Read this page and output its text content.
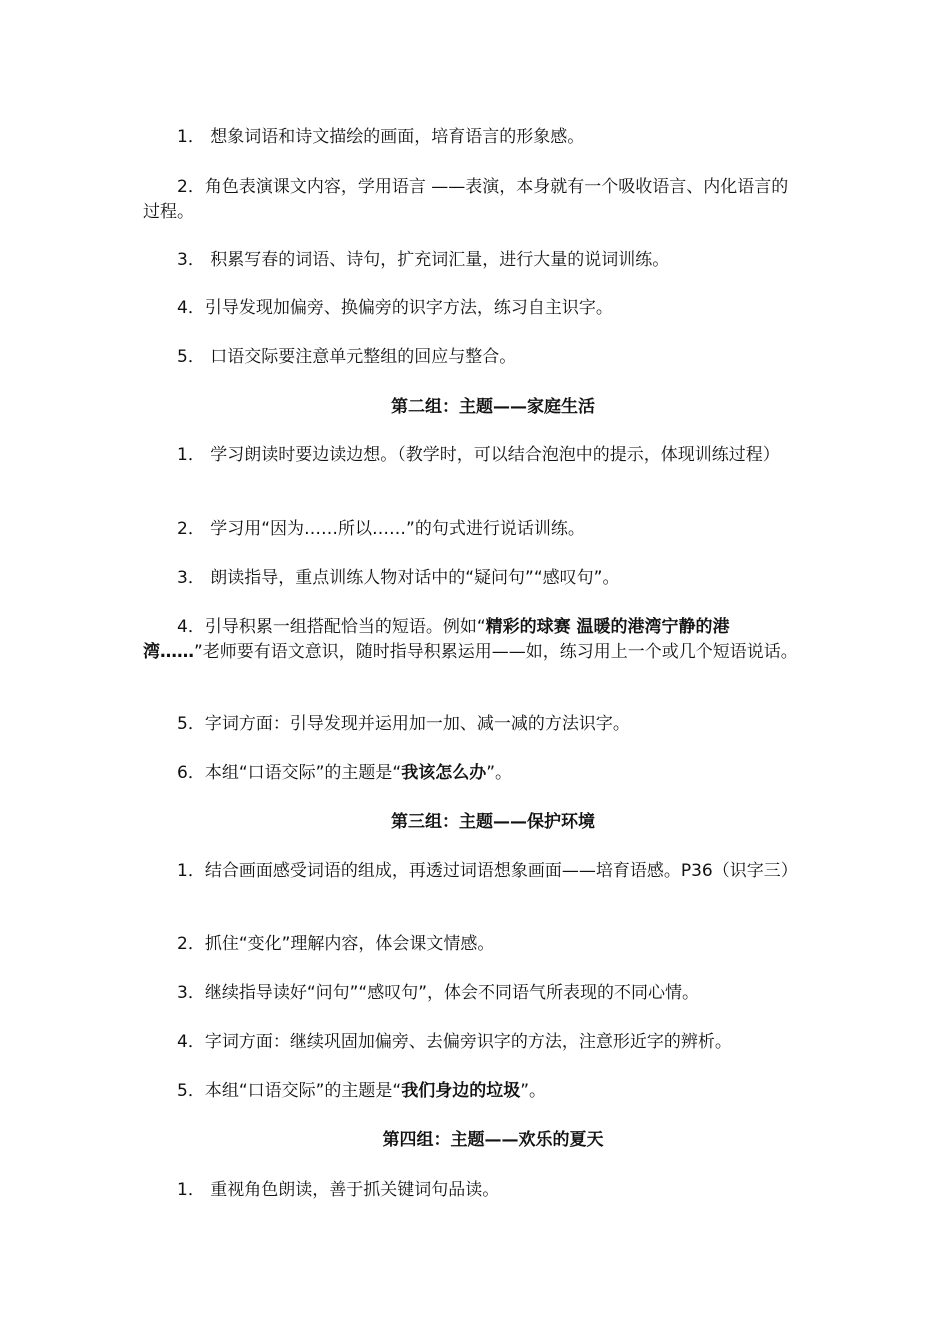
1． 想象词语和诗文描绘的画面，培育语言的形象感。

2．角色表演课文内容，学用语言 ——表演，本身就有一个吸收语言、内化语言的过程。

3． 积累写春的词语、诗句，扩充词汇量，进行大量的说词训练。

4．引导发现加偏旁、换偏旁的识字方法，练习自主识字。

5． 口语交际要注意单元整组的回应与整合。

第二组：主题——家庭生活

1． 学习朗读时要边读边想。（教学时，可以结合泡泡中的提示，体现训练过程）

2． 学习用“因为……所以……”的句式进行说话训练。

3． 朗读指导，重点训练人物对话中的“疑问句”“感叹句”。

4．引导积累一组搭配恰当的短语。例如“精彩的球赛 温暖的港湾宁静的港湾……”老师要有语文意识，随时指导积累运用——如，练习用上一个或几个短语说话。

5．字词方面：引导发现并运用加一加、减一减的方法识字。

6．本组“口语交际”的主题是“我该怎么办”。

第三组：主题——保护环境

1．结合画面感受词语的组成，再透过词语想象画面——培育语感。P36（识字三）

2．抓住“变化”理解内容，体会课文情感。

3．继续指导读好“问句”“感叹句”，体会不同语气所表现的不同心情。

4．字词方面：继续巩固加偏旁、去偏旁识字的方法，注意形近字的辨析。

5．本组“口语交际”的主题是“我们身边的垃圾”。

第四组：主题——欢乐的夏天

1． 重视角色朗读，善于抓关键词句品读。
